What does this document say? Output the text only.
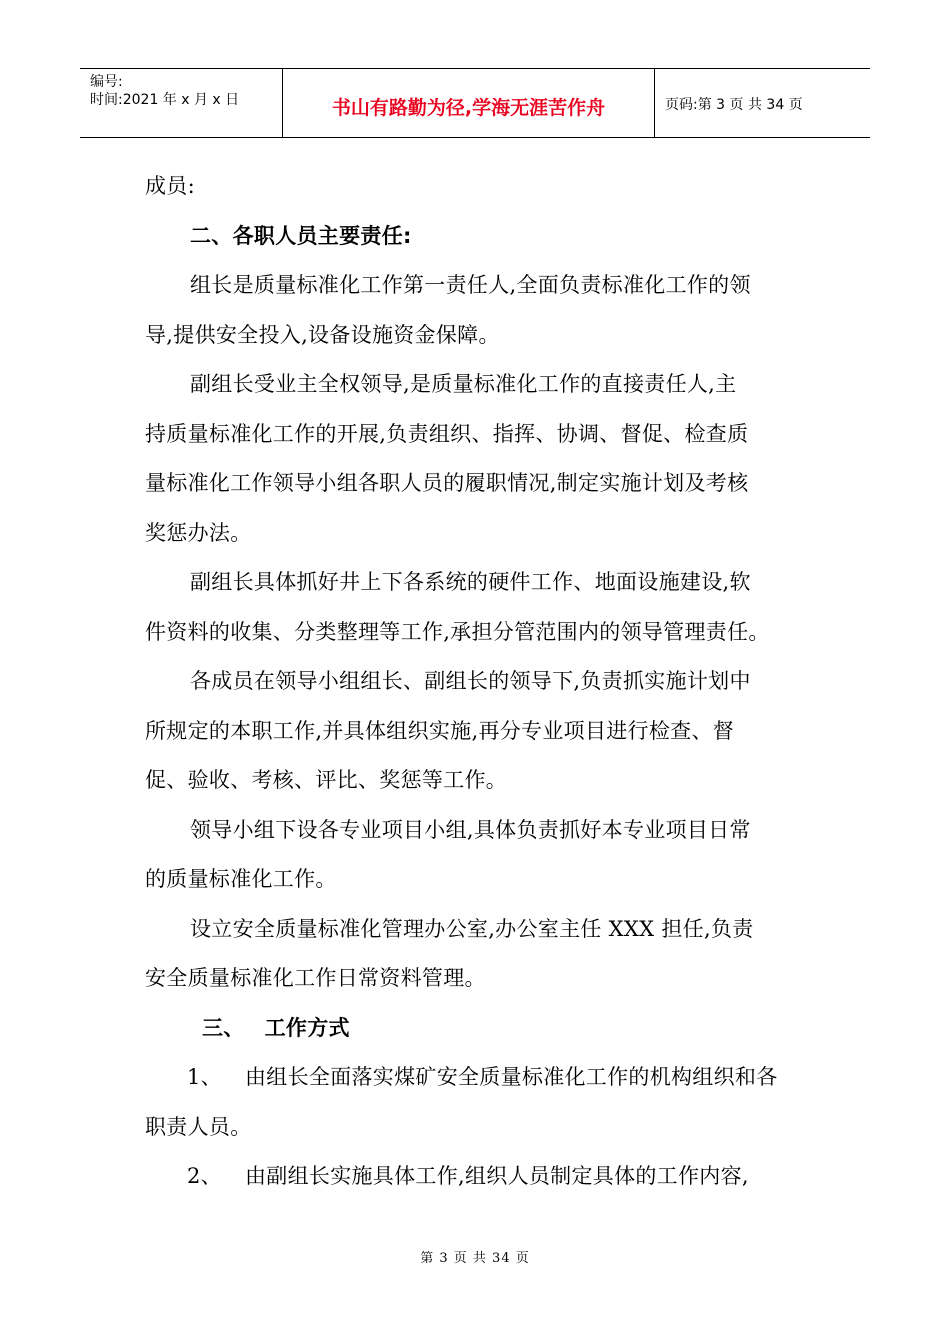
编号:
时间:2021 年 x 月 x 日	书山有路勤为径,学海无涯苦作舟	页码:第 3 页 共 34 页
成员:
二、各职人员主要责任:
组长是质量标准化工作第一责任人,全面负责标准化工作的领
导,提供安全投入,设备设施资金保障。
副组长受业主全权领导,是质量标准化工作的直接责任人,主
持质量标准化工作的开展,负责组织、指挥、协调、督促、检查质
量标准化工作领导小组各职人员的履职情况,制定实施计划及考核
奖惩办法。
副组长具体抓好井上下各系统的硬件工作、地面设施建设,软
件资料的收集、分类整理等工作,承担分管范围内的领导管理责任。
各成员在领导小组组长、副组长的领导下,负责抓实施计划中
所规定的本职工作,并具体组织实施,再分专业项目进行检查、督
促、验收、考核、评比、奖惩等工作。
领导小组下设各专业项目小组,具体负责抓好本专业项目日常
的质量标准化工作。
设立安全质量标准化管理办公室,办公室主任 XXX 担任,负责
安全质量标准化工作日常资料管理。
三、 工作方式
1、 由组长全面落实煤矿安全质量标准化工作的机构组织和各
职责人员。
2、 由副组长实施具体工作,组织人员制定具体的工作内容,
第 3 页 共 34 页
